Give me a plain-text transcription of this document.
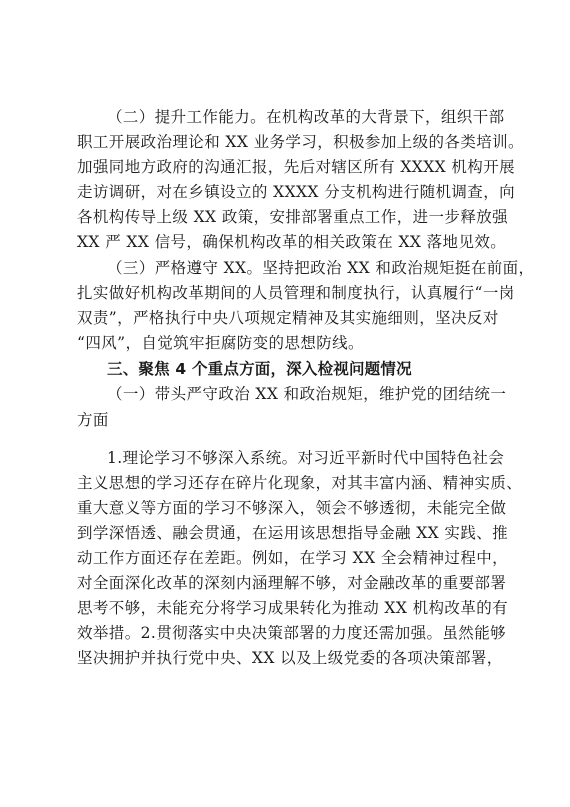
（二）提升工作能力。在机构改革的大背景下，组织干部
职工开展政治理论和 XX 业务学习，积极参加上级的各类培训。
加强同地方政府的沟通汇报，先后对辖区所有 XXXX 机构开展
走访调研，对在乡镇设立的 XXXX 分支机构进行随机调查，向
各机构传导上级 XX 政策，安排部署重点工作，进一步释放强
XX 严 XX 信号，确保机构改革的相关政策在 XX 落地见效。
（三）严格遵守 XX。坚持把政治 XX 和政治规矩挺在前面，
扎实做好机构改革期间的人员管理和制度执行，认真履行“一岗
双责”，严格执行中央八项规定精神及其实施细则，坚决反对
“四风”，自觉筑牢拒腐防变的思想防线。
三、聚焦 4 个重点方面，深入检视问题情况
（一）带头严守政治 XX 和政治规矩，维护党的团结统一
方面
1.理论学习不够深入系统。对习近平新时代中国特色社会
主义思想的学习还存在碎片化现象，对其丰富内涵、精神实质、
重大意义等方面的学习不够深入，领会不够透彻，未能完全做
到学深悟透、融会贯通，在运用该思想指导金融 XX 实践、推
动工作方面还存在差距。例如，在学习 XX 全会精神过程中，
对全面深化改革的深刻内涵理解不够，对金融改革的重要部署
思考不够，未能充分将学习成果转化为推动 XX 机构改革的有
效举措。2.贯彻落实中央决策部署的力度还需加强。虽然能够
坚决拥护并执行党中央、XX 以及上级党委的各项决策部署，
